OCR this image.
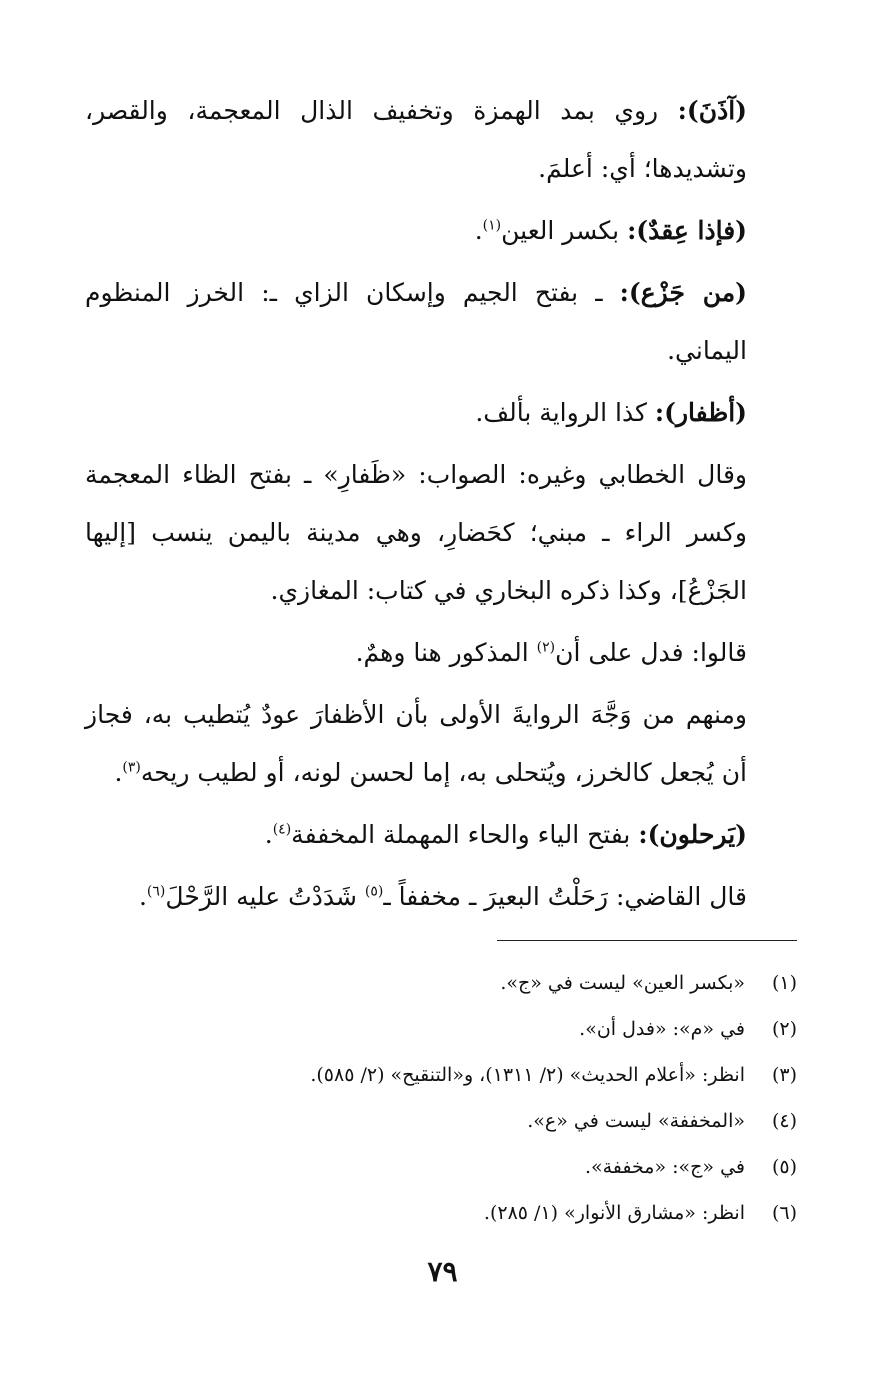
(آذَنَ): روي بمد الهمزة وتخفيف الذال المعجمة، والقصر، وتشديدها؛ أي: أعلمَ.

(فإذا عِقدٌ): بكسر العين$^{(١)}$.

(من جَزْع): ـ بفتح الجيم وإسكان الزاي ـ: الخرز المنظوم اليماني.

(أظفار): كذا الرواية بألف.

وقال الخطابي وغيره: الصواب: «ظَفارِ» ـ بفتح الظاء المعجمة وكسر الراء ـ مبني؛ كحَضارِ، وهي مدينة باليمن ينسب [إليها الجَزْعُ]، وكذا ذكره البخاري في كتاب: المغازي.

قالوا: فدل على أن$^{(٢)}$ المذكور هنا وهمٌ.

ومنهم من وَجَّهَ الروايةَ الأولى بأن الأظفارَ عودٌ يُتطيب به، فجاز أن يُجعل كالخرز، ويُتحلى به، إما لحسن لونه، أو لطيب ريحه$^{(٣)}$.

(يَرحلون): بفتح الياء والحاء المهملة المخففة$^{(٤)}$.

قال القاضي: رَحَلْتُ البعيرَ ـ مخففاً ـ$^{(٥)}$ شَدَدْتُ عليه الرَّحْلَ$^{(٦)}$.

(١)
«بكسر العين» ليست في «ج».
(٢)
في «م»: «فدل أن».
(٣)
انظر: «أعلام الحديث» (٢/ ١٣١١)، و«التنقيح» (٢/ ٥٨٥).
(٤)
«المخففة» ليست في «ع».
(٥)
في «ج»: «مخففة».
(٦)
انظر: «مشارق الأنوار» (١/ ٢٨٥).
٧٩
